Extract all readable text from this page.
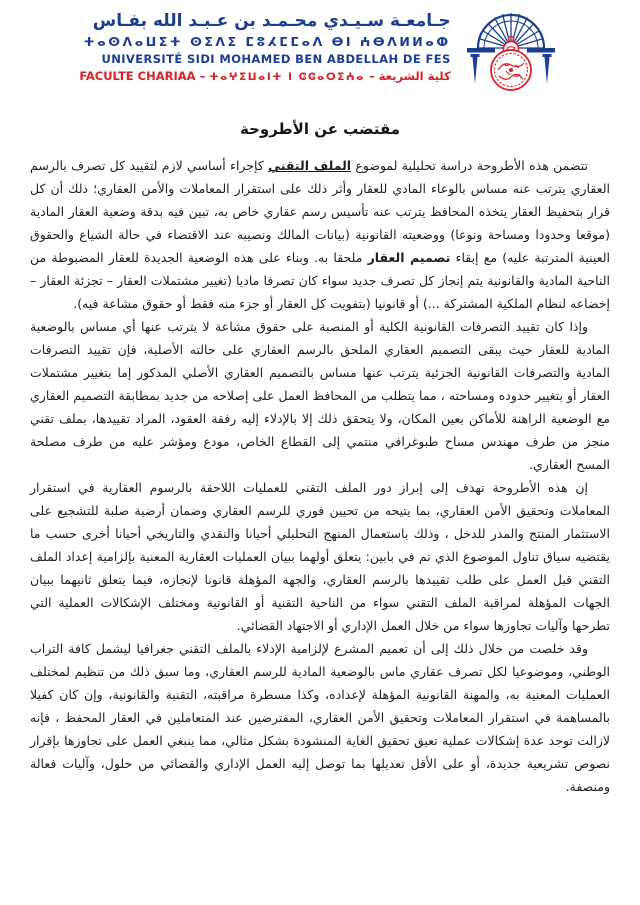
جـامعـة سـيـدي محـمـد بن عـبـد الله بفـاس
ⵜⴰⵙⴷⴰⵡⵉⵜ ⵙⵉⴷⵉ ⵎⵓⵃⵎⵎⴰⴷ ⴱⵏ ⵄⴱⴷⵍⵍⴰⵀ
UNIVERSITÉ SIDI MOHAMED BEN ABDELLAH DE FES
FACULTE CHARIAA – ⵜⴰⵖⵉⵡⴰⵏⵜ ⵏ ⵛⵛⴰⵔⵉⵄⴰ – كلية الشريعة
مقتضب عن الأطروحة

تتضمن هذه الأطروحة دراسة تحليلية لموضوع الملف التقني كإجراء أساسي لازم لتقييد كل تصرف بالرسم العقاري يترتب عنه مساس بالوعاء المادي للعقار وأثر ذلك على استقرار المعاملات والأمن العقاري؛ ذلك أن كل قرار بتحفيظ العقار يتخذه المحافظ يترتب عنه تأسيس رسم عقاري خاص به، تبين فيه بدقة وضعية العقار المادية (موقعا وحدودا ومساحة ونوعا) ووضعيته القانونية (بيانات المالك ونصيبه عند الاقتضاء في حالة الشياع والحقوق العينية المترتبة عليه) مع إبقاء تصميم العقار ملحقا به. وبناء على هذه الوضعية الجديدة للعقار المضبوطة من الناحية المادية والقانونية يتم إنجاز كل تصرف جديد سواء كان تصرفا ماديا (تغيير مشتملات العقار – تجزئة العقار – إخضاعه لنظام الملكية المشتركة ...) أو قانونيا (بتفويت كل العقار أو جزء منه فقط أو حقوق مشاعة فيه).

وإذا كان تقييد التصرفات القانونية الكلية أو المنصبة على حقوق مشاعة لا يترتب عنها أي مساس بالوضعية المادية للعقار حيث يبقى التصميم العقاري الملحق بالرسم العقاري على حالته الأصلية، فإن تقييد التصرفات المادية والتصرفات القانونية الجزئية يترتب عنها مساس بالتصميم العقاري الأصلي المذكور إما بتغيير مشتملات العقار أو بتغيير حدوده ومساحته ، مما يتطلب من المحافظ العمل على إصلاحه من جديد بمطابقة التصميم العقاري مع الوضعية الراهنة للأماكن بعين المكان، ولا يتحقق ذلك إلا بالإدلاء إليه رفقة العقود، المراد تقييدها، بملف تقني منجز من طرف مهندس مساح طبوغرافي منتمي إلى القطاع الخاص، مودع ومؤشر عليه من طرف مصلحة المسح العقاري.

إن هذه الأطروحة تهدف إلى إبراز دور الملف التقني للعمليات اللاحقة بالرسوم العقارية في استقرار المعاملات وتحقيق الأمن العقاري، بما يتيحه من تحيين فوري للرسم العقاري وضمان أرضية صلبة للتشجيع على الاستثمار المنتج والمدر للدخل ، وذلك باستعمال المنهج التحليلي أحيانا والنقدي والتاريخي أحيانا أخرى حسب ما يقتضيه سياق تناول الموضوع الذي تم في بابين: يتعلق أولهما ببيان العمليات العقارية المعنية بإلزامية إعداد الملف التقني قبل العمل على طلب تقييدها بالرسم العقاري، والجهة المؤهلة قانونا لإنجازه، فيما يتعلق ثانيهما ببيان الجهات المؤهلة لمراقبة الملف التقني سواء من الناحية التقنية أو القانونية ومختلف الإشكالات العملية التي تطرحها وآليات تجاوزها سواء من خلال العمل الإداري أو الاجتهاد القضائي.

وقد خلصت من خلال ذلك إلى أن تعميم المشرع لإلزامية الإدلاء بالملف التقني جغرافيا ليشمل كافة التراب الوطني، وموضوعيا لكل تصرف عقاري ماس بالوضعية المادية للرسم العقاري، وما سبق ذلك من تنظيم لمختلف العمليات المعنية به، والمهنة القانونية المؤهلة لإعداده، وكذا مسطرة مراقبته، التقنية والقانونية، وإن كان كفيلا بالمساهمة في استقرار المعاملات وتحقيق الأمن العقاري، المفترضين عند المتعاملين في العقار المحفظ ، فإنه لازالت توجد عدة إشكالات عملية تعيق تحقيق الغاية المنشودة بشكل مثالي، مما ينبغي العمل على تجاوزها بإقرار نصوص تشريعية جديدة، أو على الأقل تعديلها بما توصل إليه العمل الإداري والقضائي من حلول، وآليات فعالة ومنصفة.
